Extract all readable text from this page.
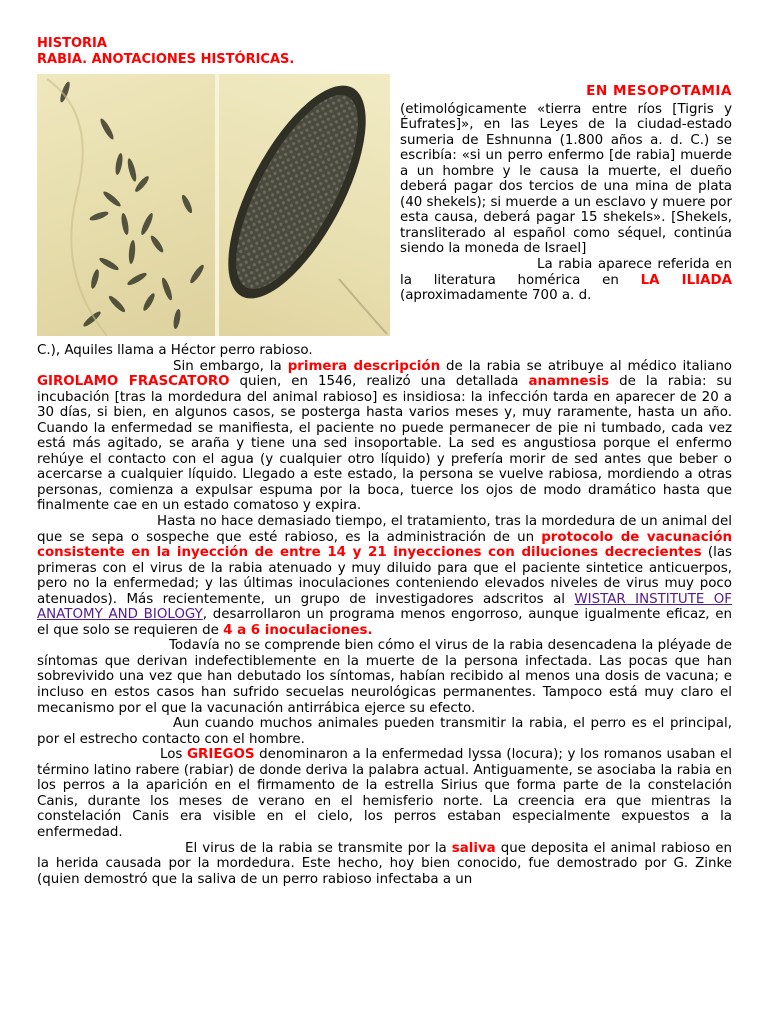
HISTORIA
RABIA. ANOTACIONES HISTÓRICAS.
EN MESOPOTAMIA

(etimológicamente «tierra entre ríos [Tigris y Éufrates]», en las Leyes de la ciudad-estado sumeria de Eshnunna (1.800 años a. d. C.) se escribía: «si un perro enfermo [de rabia] muerde a un hombre y le causa la muerte, el dueño deberá pagar dos tercios de una mina de plata (40 shekels); si muerde a un esclavo y muere por esta causa, deberá pagar 15 shekels». [Shekels, transliterado al español como séquel, continúa siendo la moneda de Israel]

La rabia aparece referida en la literatura homérica en LA ILIADA (aproximadamente 700 a. d.

C.), Aquiles llama a Héctor perro rabioso.

Sin embargo, la primera descripción de la rabia se atribuye al médico italiano GIROLAMO FRASCATORO quien, en 1546, realizó una detallada anamnesis de la rabia: su incubación [tras la mordedura del animal rabioso] es insidiosa: la infección tarda en aparecer de 20 a 30 días, si bien, en algunos casos, se posterga hasta varios meses y, muy raramente, hasta un año. Cuando la enfermedad se manifiesta, el paciente no puede permanecer de pie ni tumbado, cada vez está más agitado, se araña y tiene una sed insoportable. La sed es angustiosa porque el enfermo rehúye el contacto con el agua (y cualquier otro líquido) y prefería morir de sed antes que beber o acercarse a cualquier líquido. Llegado a este estado, la persona se vuelve rabiosa, mordiendo a otras personas, comienza a expulsar espuma por la boca, tuerce los ojos de modo dramático hasta que finalmente cae en un estado comatoso y expira.

Hasta no hace demasiado tiempo, el tratamiento, tras la mordedura de un animal del que se sepa o sospeche que esté rabioso, es la administración de un protocolo de vacunación consistente en la inyección de entre 14 y 21 inyecciones con diluciones decrecientes (las primeras con el virus de la rabia atenuado y muy diluido para que el paciente sintetice anticuerpos, pero no la enfermedad; y las últimas inoculaciones conteniendo elevados niveles de virus muy poco atenuados). Más recientemente, un grupo de investigadores adscritos al WISTAR INSTITUTE OF ANATOMY AND BIOLOGY, desarrollaron un programa menos engorroso, aunque igualmente eficaz, en el que solo se requieren de 4 a 6 inoculaciones.

Todavía no se comprende bien cómo el virus de la rabia desencadena la pléyade de síntomas que derivan indefectiblemente en la muerte de la persona infectada. Las pocas que han sobrevivido una vez que han debutado los síntomas, habían recibido al menos una dosis de vacuna; e incluso en estos casos han sufrido secuelas neurológicas permanentes. Tampoco está muy claro el mecanismo por el que la vacunación antirrábica ejerce su efecto.

Aun cuando muchos animales pueden transmitir la rabia, el perro es el principal, por el estrecho contacto con el hombre.

Los GRIEGOS denominaron a la enfermedad lyssa (locura); y los romanos usaban el término latino rabere (rabiar) de donde deriva la palabra actual. Antiguamente, se asociaba la rabia en los perros a la aparición en el firmamento de la estrella Sirius que forma parte de la constelación Canis, durante los meses de verano en el hemisferio norte. La creencia era que mientras la constelación Canis era visible en el cielo, los perros estaban especialmente expuestos a la enfermedad.

El virus de la rabia se transmite por la saliva que deposita el animal rabioso en la herida causada por la mordedura. Este hecho, hoy bien conocido, fue demostrado por G. Zinke (quien demostró que la saliva de un perro rabioso infectaba a un
